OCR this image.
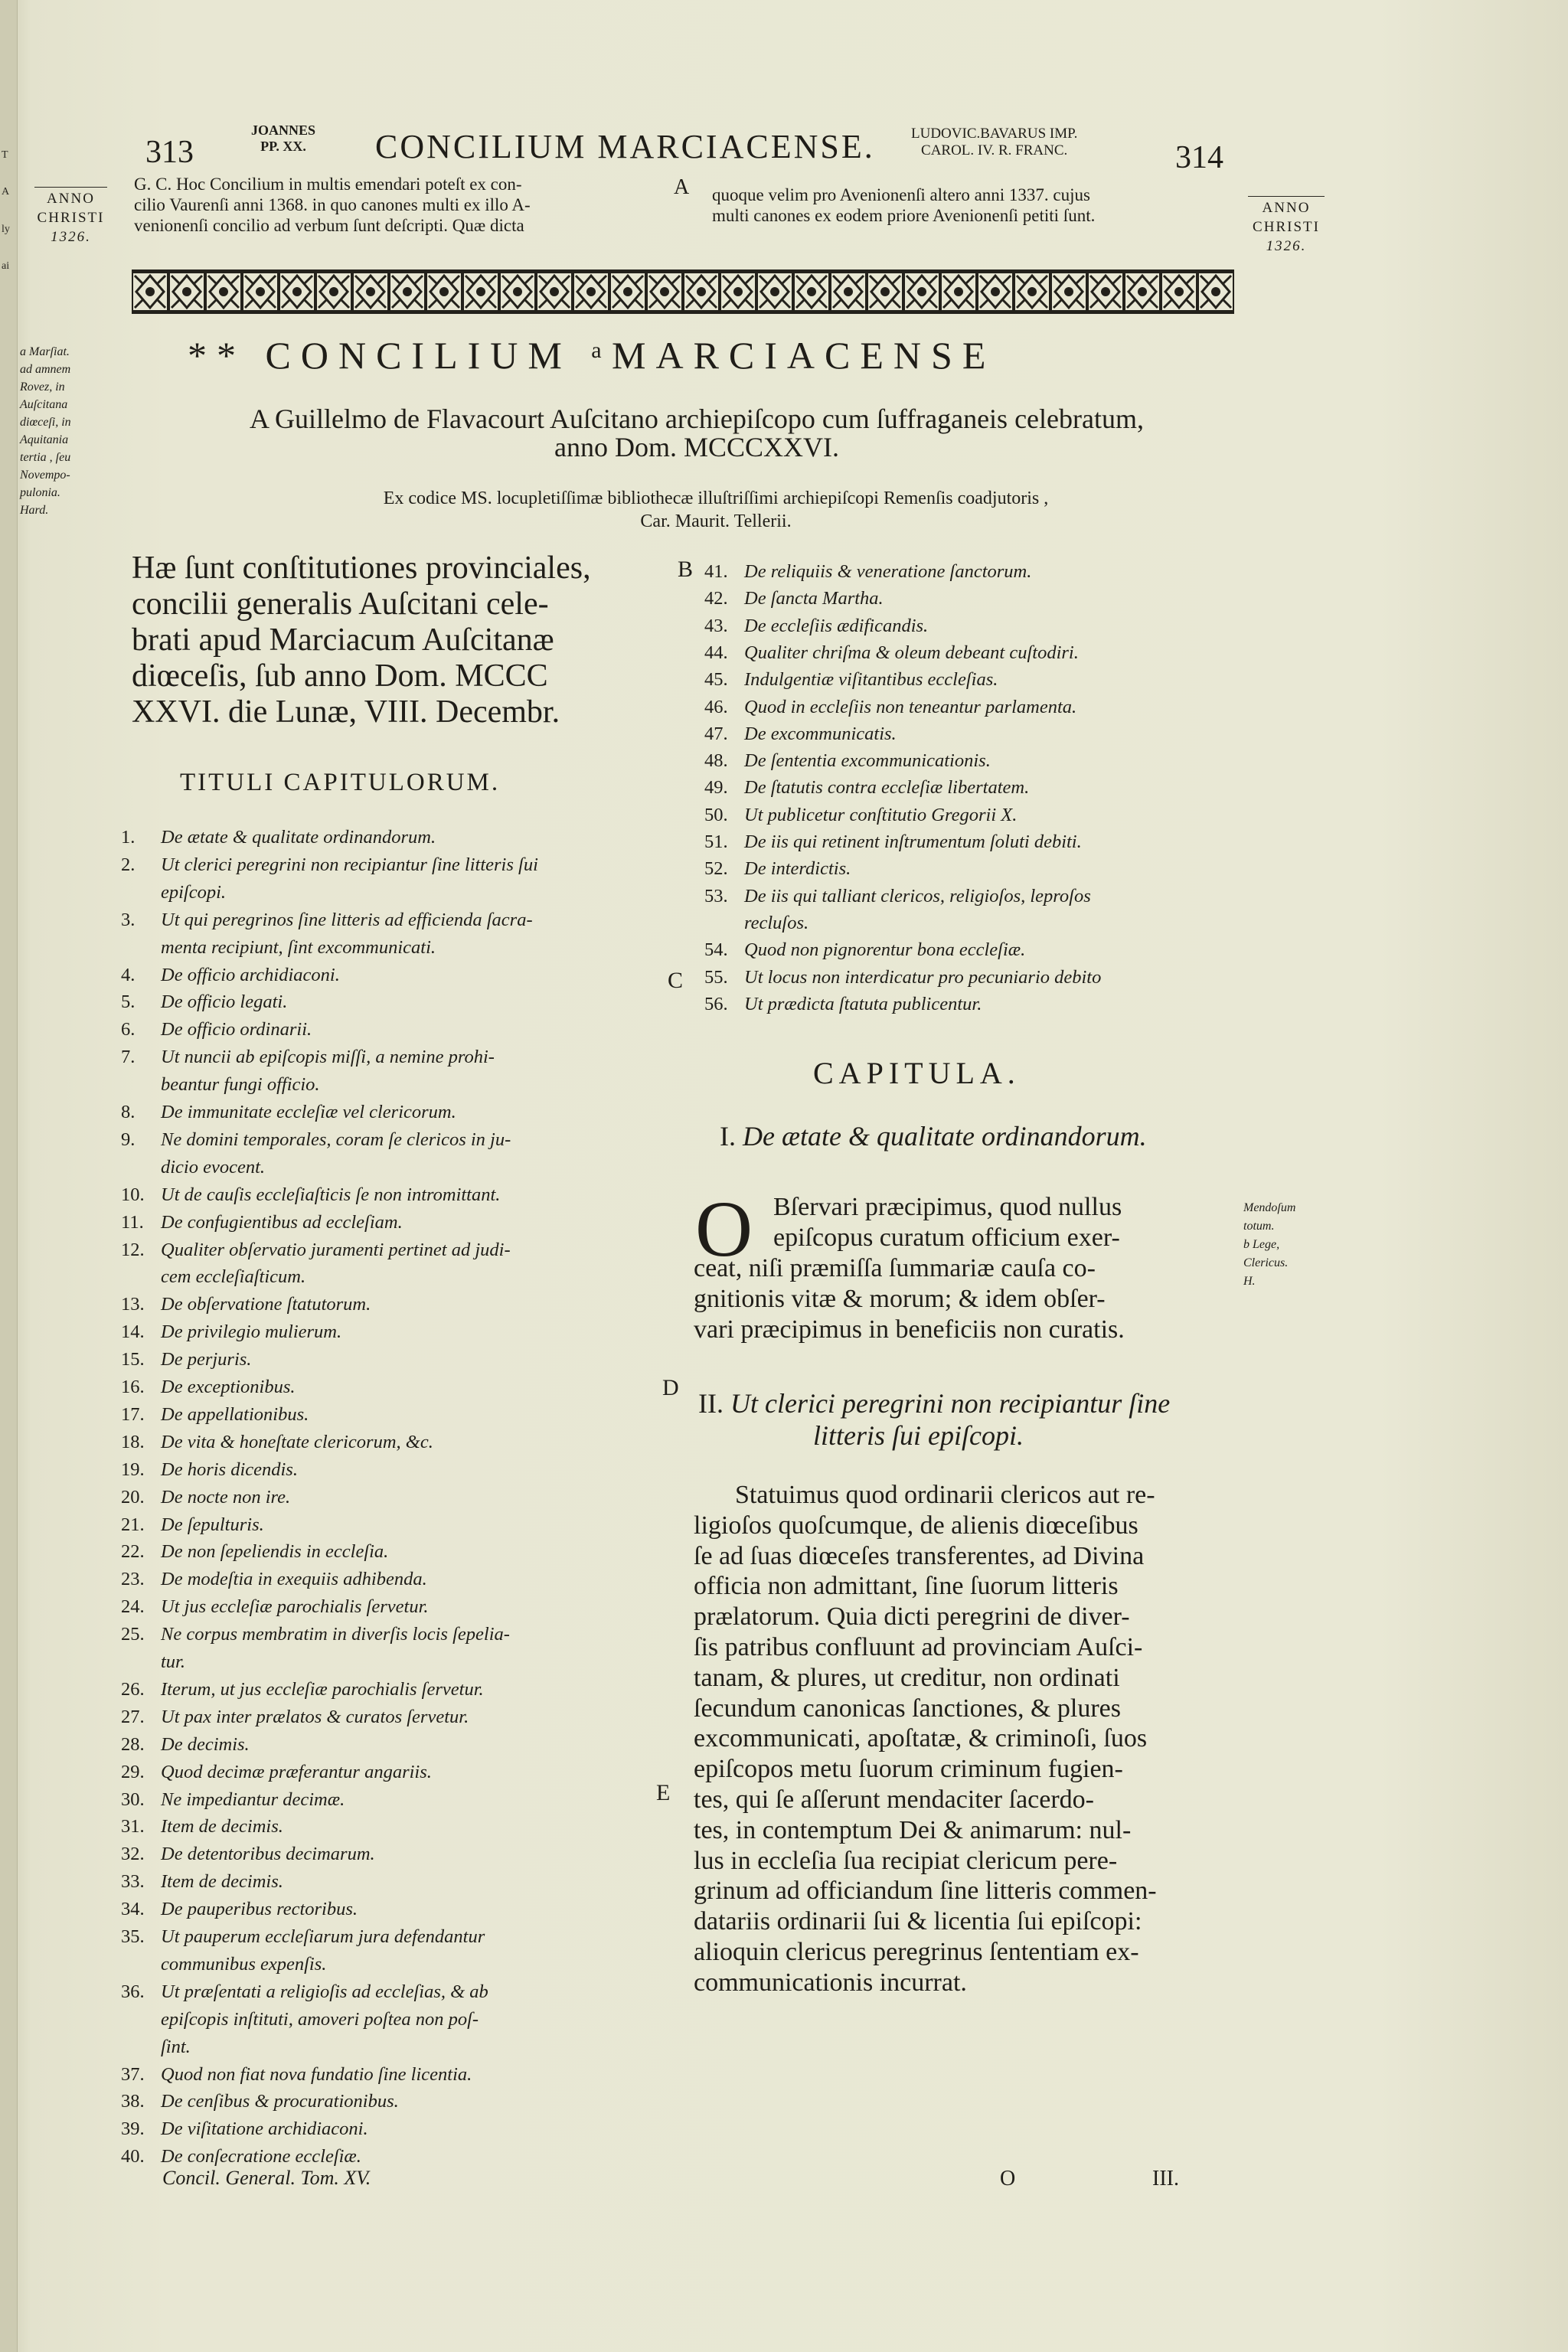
313
JOANNES
PP. XX. CONCILIUM MARCIACENSE. LUDOVIC.BAVARUS IMP.
CAROL. IV. R. FRANC.	314
ANNO
CHRISTI
1326.
ANNO
CHRISTI
1326.
G. C. Hoc Concilium in multis emendari poteſt ex con-
cilio Vaurenſi anni 1368. in quo canones multi ex illo A-
venionenſi concilio ad verbum ſunt deſcripti. Quæ dicta
A quoque velim pro Avenionenſi altero anni 1337. cujus
multi canones ex eodem priore Avenionenſi petiti ſunt.
** CONCILIUM ᵃMARCIACENSE
A Guillelmo de Flavacourt Auſcitano archiepiſcopo cum ſuffraganeis celebratum,
anno Dom. MCCCXXVI.
Ex codice MS. locupletiſſimæ bibliothecæ illuſtriſſimi archiepiſcopi Remenſis coadjutoris ,
Car. Maurit. Tellerii.
a Marſiat.
ad amnem
Rovez, in
Auſcitana
diœceſi, in
Aquitania
tertia , ſeu
Novempo-
pulonia.
Hard.
Mendoſum
totum.
b Lege,
Clericus.
H.
Hæ ſunt conſtitutiones provinciales,
concilii generalis Auſcitani cele-
brati apud Marciacum Auſcitanæ
diœceſis, ſub anno Dom. MCCC
XXVI. die Lunæ, VIII. Decembr.
TITULI CAPITULORUM.
B
C
D
E
CAPITULA.
I. De ætate & qualitate ordinandorum.
O Bſervari præcipimus, quod nullus
epiſcopus curatum officium exer-
ceat, niſi præmiſſa ſummariæ cauſa co-
gnitionis vitæ & morum; & idem obſer-
vari præcipimus in beneficiis non curatis.
II. Ut clerici peregrini non recipiantur ſine
litteris ſui epiſcopi.
Statuimus quod ordinarii clericos aut re-
ligioſos quoſcumque, de alienis diœceſibus
ſe ad ſuas diœceſes transferentes, ad Divina
officia non admittant, ſine ſuorum litteris
prælatorum. Quia dicti peregrini de diver-
ſis patribus confluunt ad provinciam Auſci-
tanam, & plures, ut creditur, non ordinati
ſecundum canonicas ſanctiones, & plures
excommunicati, apoſtatæ, & criminoſi, ſuos
epiſcopos metu ſuorum criminum fugien-
tes, qui ſe aſſerunt mendaciter ſacerdo-
tes, in contemptum Dei & animarum: nul-
lus in eccleſia ſua recipiat clericum pere-
grinum ad officiandum ſine litteris commen-
datariis ordinarii ſui & licentia ſui epiſcopi:
alioquin clericus peregrinus ſententiam ex-
communicationis incurrat.
Concil. General. Tom. XV.	O	III.
T
A
ly
ai
1. De ætate & qualitate ordinandorum.
2. Ut clerici peregrini non recipiantur ſine litteris ſui
epiſcopi.
3. Ut qui peregrinos ſine litteris ad efficienda ſacra-
menta recipiunt, ſint excommunicati.
4. De officio archidiaconi.
5. De officio legati.
6. De officio ordinarii.
7. Ut nuncii ab epiſcopis miſſi, a nemine prohi-
beantur fungi officio.
8. De immunitate eccleſiæ vel clericorum.
9. Ne domini temporales, coram ſe clericos in ju-
dicio evocent.
10. Ut de cauſis eccleſiaſticis ſe non intromittant.
11. De confugientibus ad eccleſiam.
12. Qualiter obſervatio juramenti pertinet ad judi-
cem eccleſiaſticum.
13. De obſervatione ſtatutorum.
14. De privilegio mulierum.
15. De perjuris.
16. De exceptionibus.
17. De appellationibus.
18. De vita & honeſtate clericorum, &c.
19. De horis dicendis.
20. De nocte non ire.
21. De ſepulturis.
22. De non ſepeliendis in eccleſia.
23. De modeſtia in exequiis adhibenda.
24. Ut jus eccleſiæ parochialis ſervetur.
25. Ne corpus membratim in diverſis locis ſepelia-
tur.
26. Iterum, ut jus eccleſiæ parochialis ſervetur.
27. Ut pax inter prælatos & curatos ſervetur.
28. De decimis.
29. Quod decimæ præferantur angariis.
30. Ne impediantur decimæ.
31. Item de decimis.
32. De detentoribus decimarum.
33. Item de decimis.
34. De pauperibus rectoribus.
35. Ut pauperum eccleſiarum jura defendantur
communibus expenſis.
36. Ut præſentati a religioſis ad eccleſias, & ab
epiſcopis inſtituti, amoveri poſtea non poſ-
ſint.
37. Quod non fiat nova fundatio ſine licentia.
38. De cenſibus & procurationibus.
39. De viſitatione archidiaconi.
40. De conſecratione eccleſiæ.
41. De reliquiis & veneratione ſanctorum.
42. De ſancta Martha.
43. De eccleſiis ædificandis.
44. Qualiter chriſma & oleum debeant cuſtodiri.
45. Indulgentiæ viſitantibus eccleſias.
46. Quod in eccleſiis non teneantur parlamenta.
47. De excommunicatis.
48. De ſententia excommunicationis.
49. De ſtatutis contra eccleſiæ libertatem.
50. Ut publicetur conſtitutio Gregorii X.
51. De iis qui retinent inſtrumentum ſoluti debiti.
52. De interdictis.
53. De iis qui talliant clericos, religioſos, leproſos
recluſos.
54. Quod non pignorentur bona eccleſiæ.
55. Ut locus non interdicatur pro pecuniario debito
56. Ut prædicta ſtatuta publicentur.
